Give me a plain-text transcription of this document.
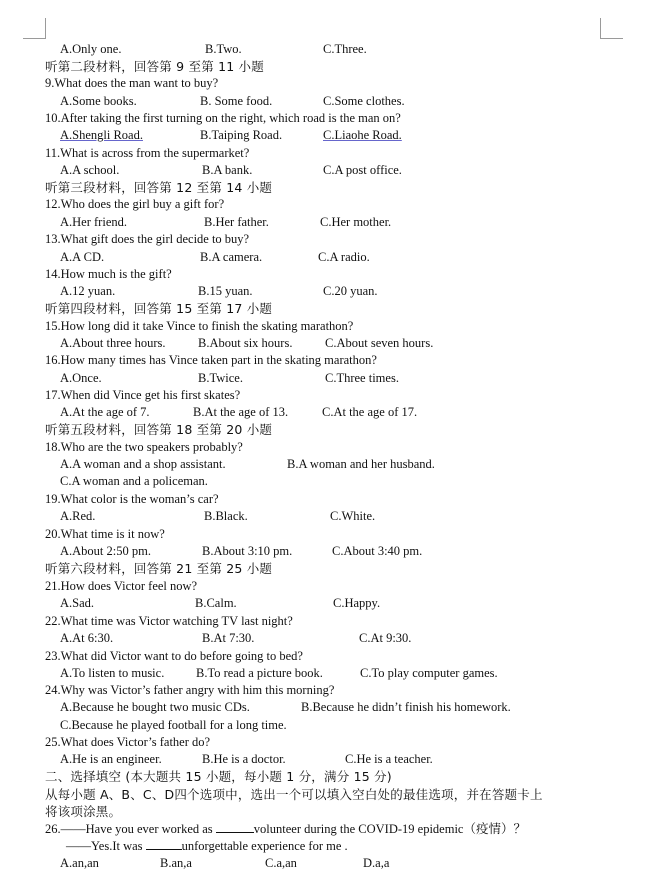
A.Only one.	B.Two.	C.Three.
听第二段材料，回答第 9 至第 11 小题
9.What does the man want to buy?
A.Some books.	B. Some food.	C.Some clothes.
10.After taking the first turning on the right, which road is the man on?
A.Shengli Road.	B.Taiping Road.	C.Liaohe Road.
11.What is across from the supermarket?
A.A school.	B.A bank.	C.A post office.
听第三段材料，回答第 12 至第 14 小题
12.Who does the girl buy a gift for?
A.Her friend.	B.Her father.	C.Her mother.
13.What gift does the girl decide to buy?
A.A CD.	B.A camera.	C.A radio.
14.How much is the gift?
A.12 yuan.	B.15 yuan.	C.20 yuan.
听第四段材料，回答第 15 至第 17 小题
15.How long did it take Vince to finish the skating marathon?
A.About three hours.	B.About six hours.	C.About seven hours.
16.How many times has Vince taken part in the skating marathon?
A.Once.	B.Twice.	C.Three times.
17.When did Vince get his first skates?
A.At the age of 7.	B.At the age of 13.	C.At the age of 17.
听第五段材料，回答第 18 至第 20 小题
18.Who are the two speakers probably?
A.A woman and a shop assistant.	B.A woman and her husband.
C.A woman and a policeman.
19.What color is the woman’s car?
A.Red.	B.Black.	C.White.
20.What time is it now?
A.About 2:50 pm.	B.About 3:10 pm.	C.About 3:40 pm.
听第六段材料，回答第 21 至第 25 小题
21.How does Victor feel now?
A.Sad.	B.Calm.	C.Happy.
22.What time was Victor watching TV last night?
A.At 6:30.	B.At 7:30.	C.At 9:30.
23.What did Victor want to do before going to bed?
A.To listen to music.	B.To read a picture book.	C.To play computer games.
24.Why was Victor’s father angry with him this morning?
A.Because he bought two music CDs.	B.Because he didn’t finish his homework.
C.Because he played football for a long time.
25.What does Victor’s father do?
A.He is an engineer.	B.He is a doctor.	C.He is a teacher.
二、选择填空 (本大题共 15 小题，每小题 1 分，满分 15 分)
从每小题 A、B、C、D四个选项中，选出一个可以填入空白处的最佳选项，并在答题卡上
将该项涂黑。
26.——Have you ever worked as	volunteer during the COVID-19 epidemic（疫情）？
——Yes.It was	unforgettable experience for me .
A.an,an	B.an,a	C.a,an	D.a,a
